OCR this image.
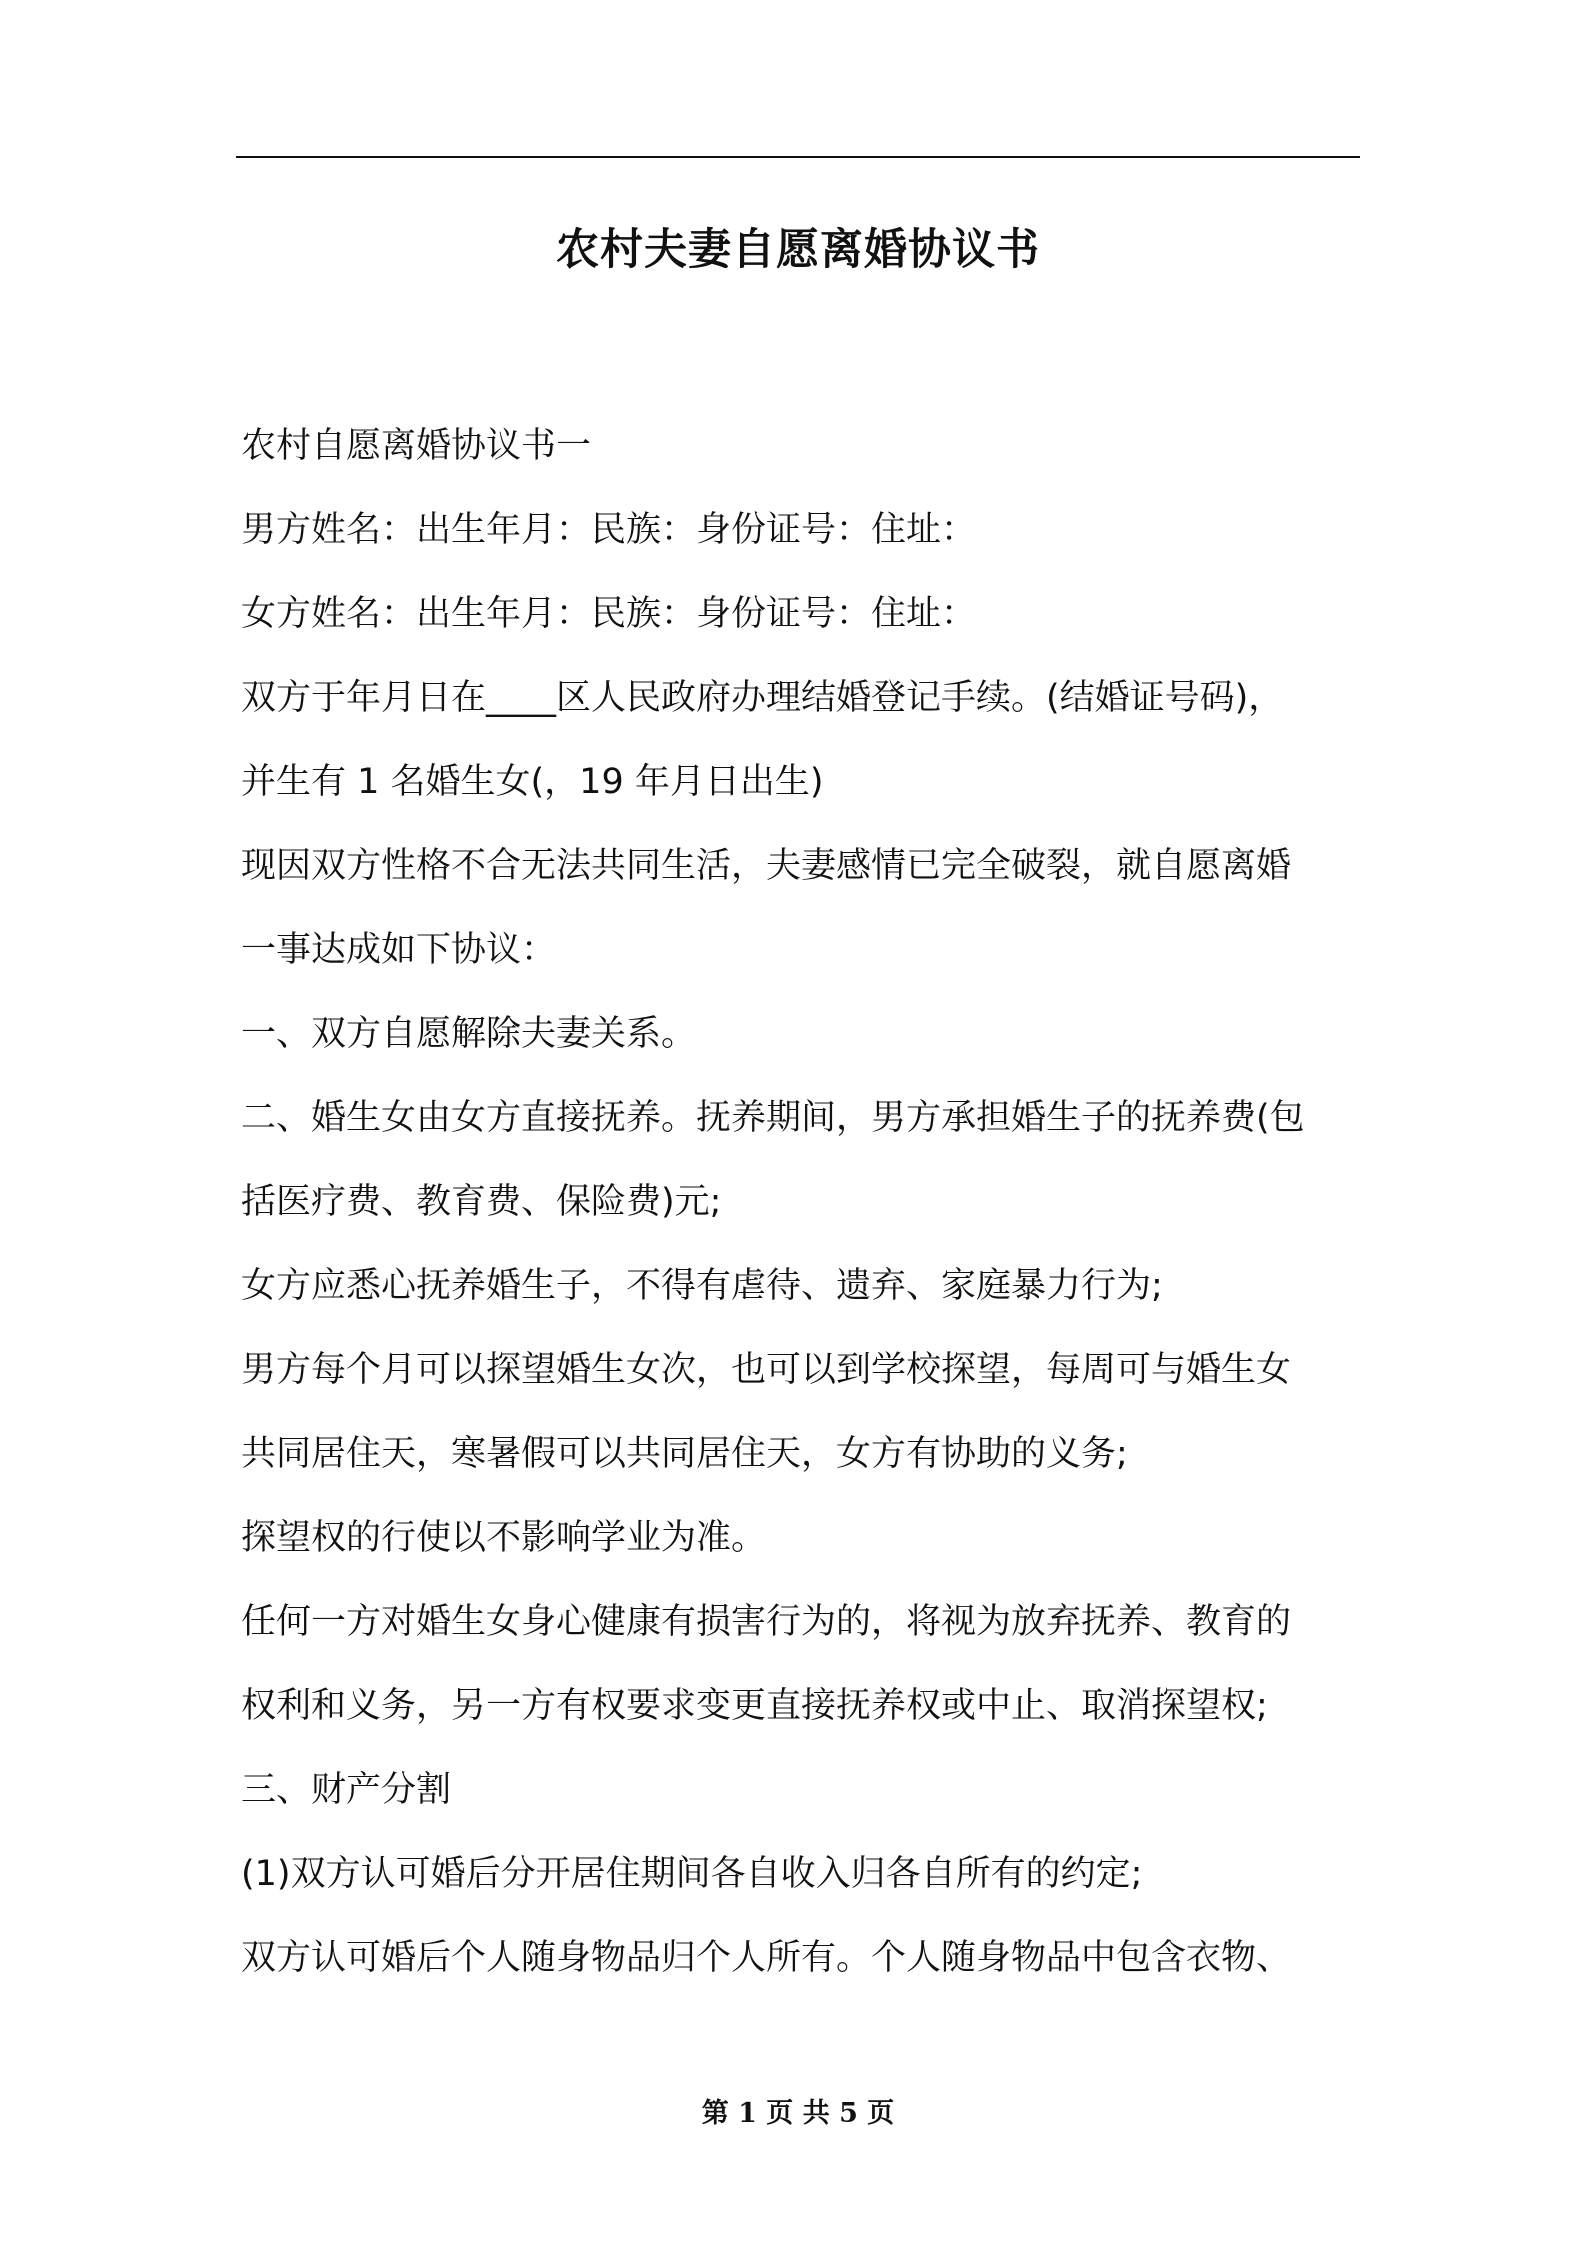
农村夫妻自愿离婚协议书
农村自愿离婚协议书一
男方姓名：出生年月：民族：身份证号：住址：
女方姓名：出生年月：民族：身份证号：住址：
双方于年月日在____区人民政府办理结婚登记手续。(结婚证号码)，
并生有 1 名婚生女(，19 年月日出生)
现因双方性格不合无法共同生活，夫妻感情已完全破裂，就自愿离婚
一事达成如下协议：
一、双方自愿解除夫妻关系。
二、婚生女由女方直接抚养。抚养期间，男方承担婚生子的抚养费(包
括医疗费、教育费、保险费)元;
女方应悉心抚养婚生子，不得有虐待、遗弃、家庭暴力行为;
男方每个月可以探望婚生女次，也可以到学校探望，每周可与婚生女
共同居住天，寒暑假可以共同居住天，女方有协助的义务;
探望权的行使以不影响学业为准。
任何一方对婚生女身心健康有损害行为的，将视为放弃抚养、教育的
权利和义务，另一方有权要求变更直接抚养权或中止、取消探望权;
三、财产分割
(1)双方认可婚后分开居住期间各自收入归各自所有的约定;
双方认可婚后个人随身物品归个人所有。个人随身物品中包含衣物、
第 1 页 共 5 页
